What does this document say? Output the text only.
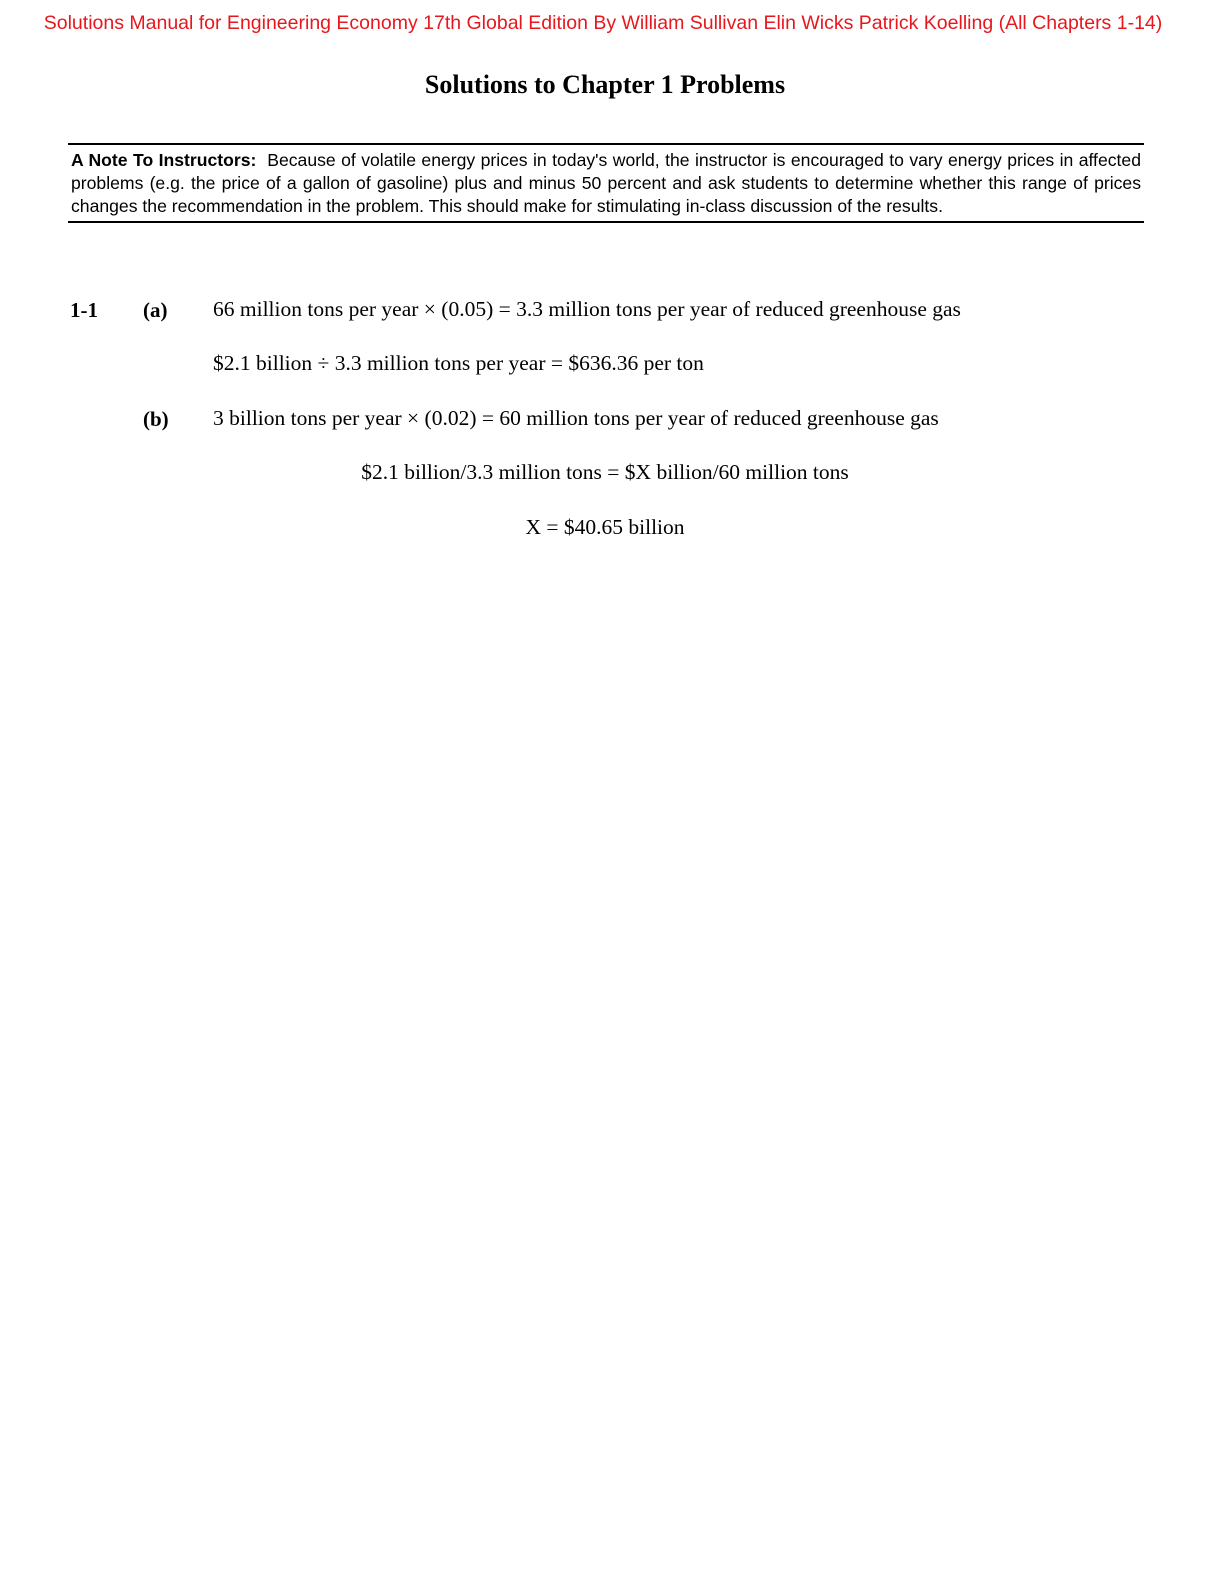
Solutions Manual for Engineering Economy 17th Global Edition By William Sullivan Elin Wicks Patrick Koelling (All Chapters 1-14)
Solutions to Chapter 1 Problems
A Note To Instructors: Because of volatile energy prices in today's world, the instructor is encouraged to vary energy prices in affected problems (e.g. the price of a gallon of gasoline) plus and minus 50 percent and ask students to determine whether this range of prices changes the recommendation in the problem. This should make for stimulating in-class discussion of the results.
1-1 (a) 66 million tons per year × (0.05) = 3.3 million tons per year of reduced greenhouse gas
$2.1 billion ÷ 3.3 million tons per year = $636.36 per ton
(b) 3 billion tons per year × (0.02) = 60 million tons per year of reduced greenhouse gas
$2.1 billion/3.3 million tons = $X billion/60 million tons
X = $40.65 billion
